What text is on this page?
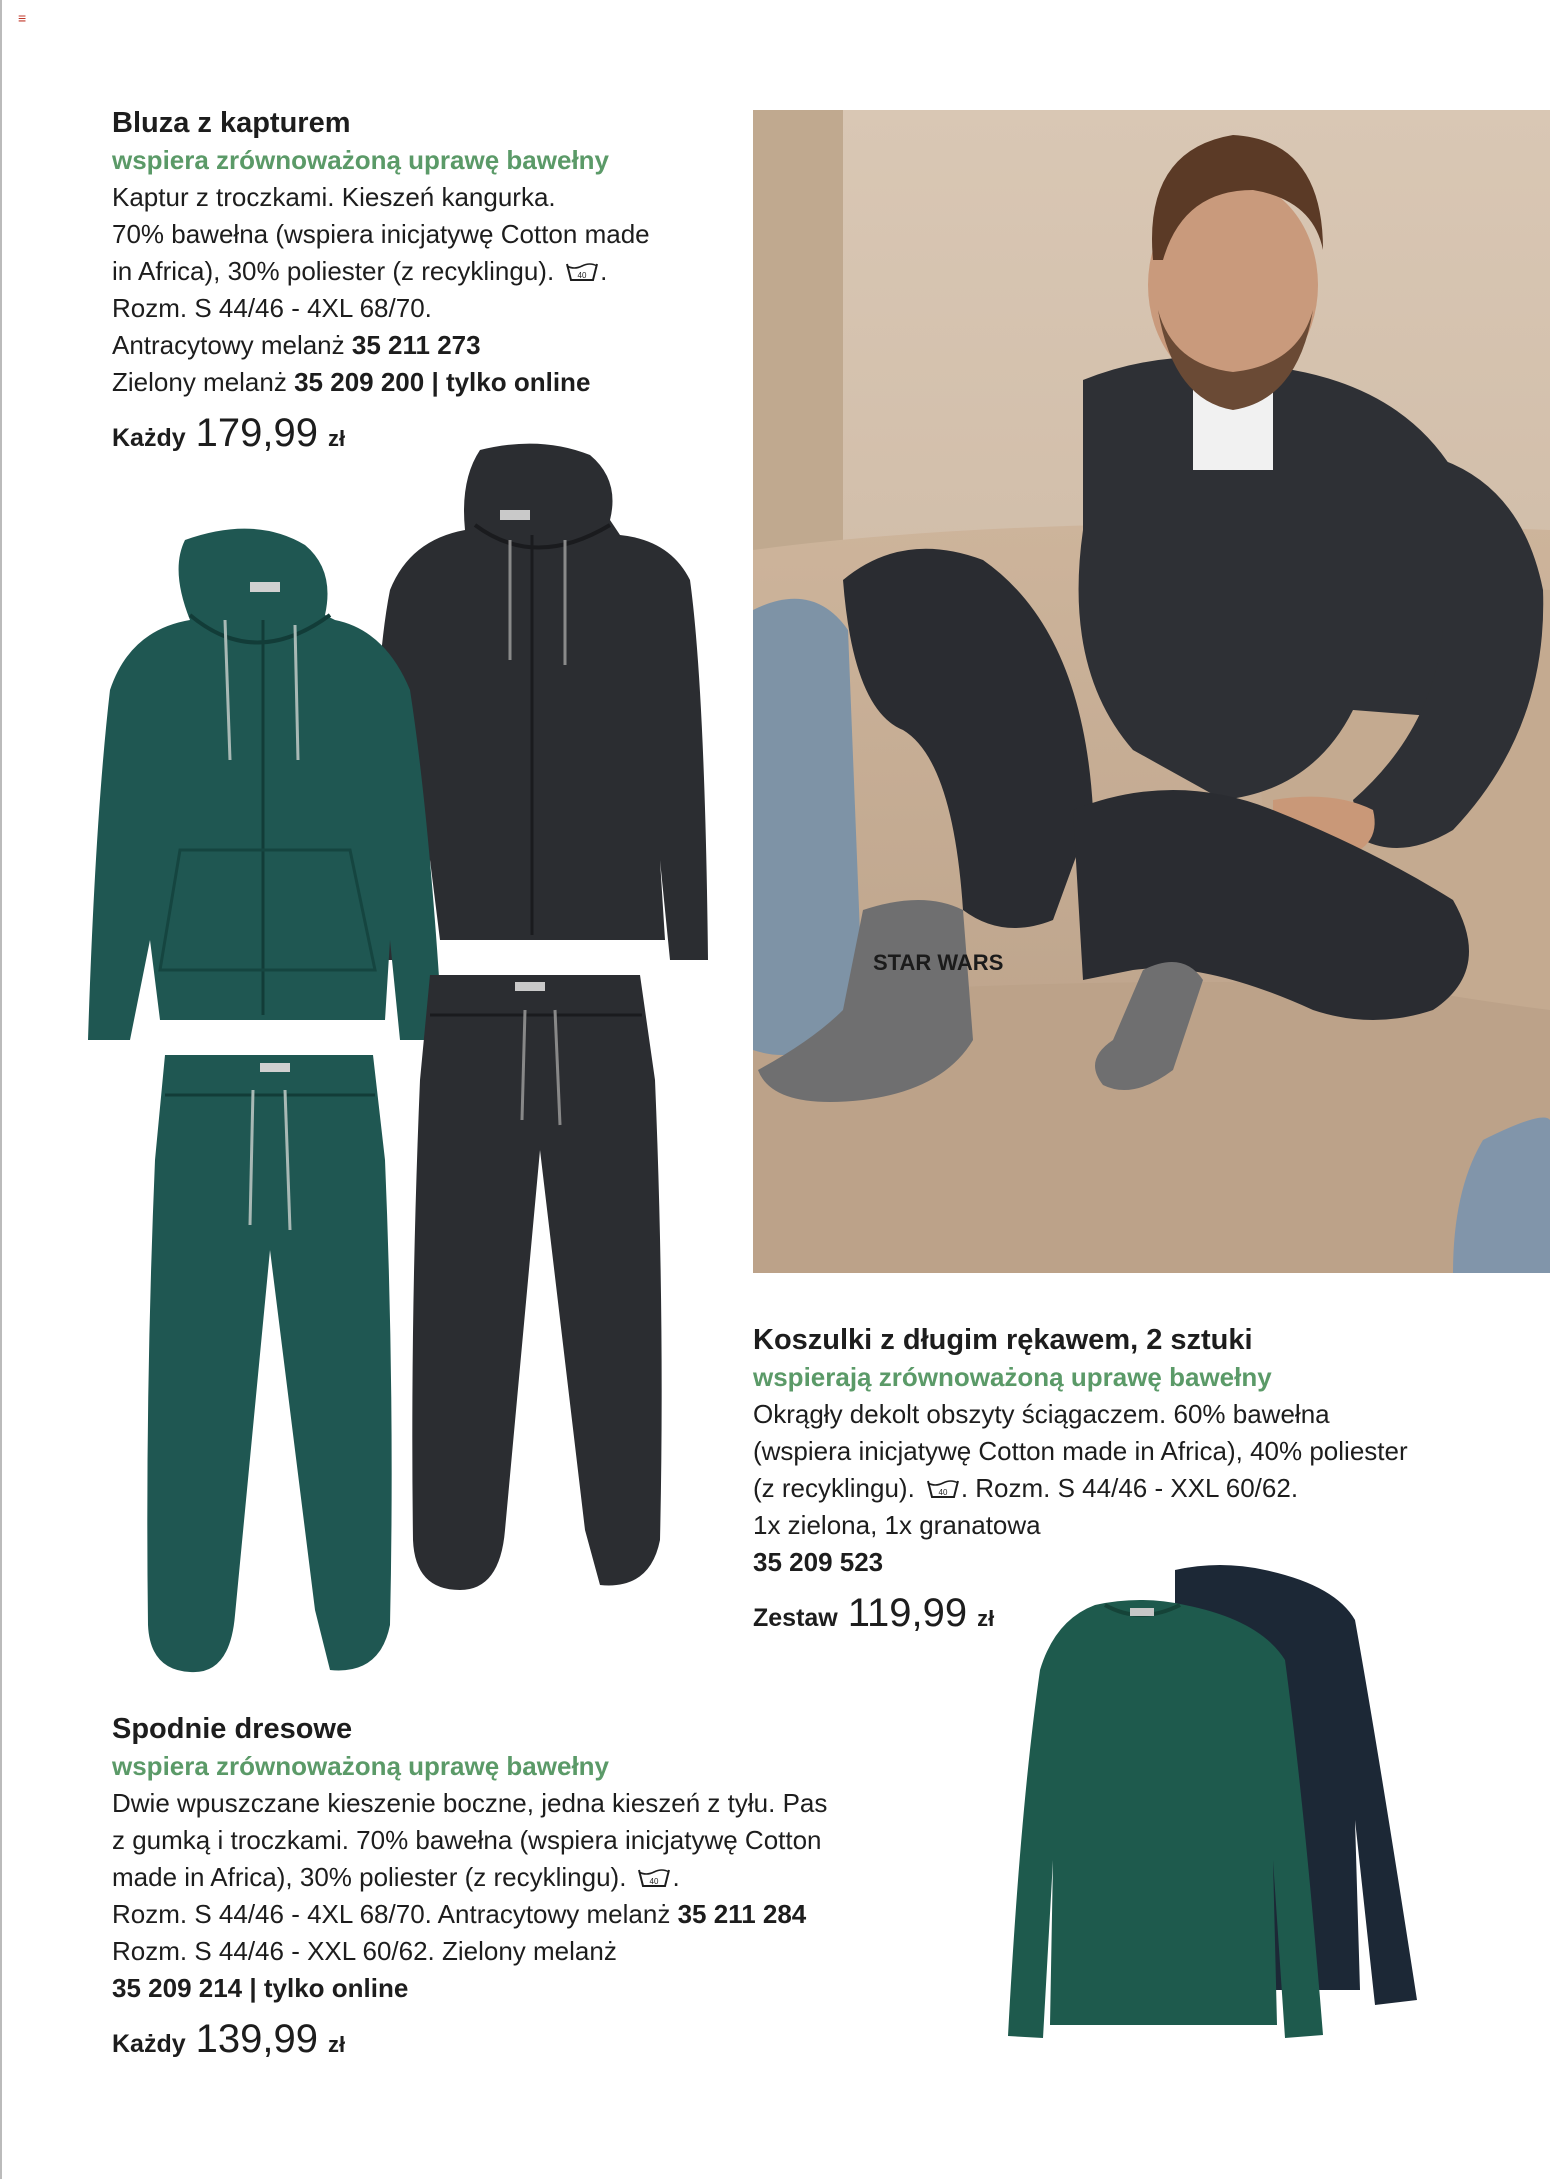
≡

Bluza z kapturem

wspiera zrównoważoną uprawę bawełny

Kaptur z troczkami. Kieszeń kangurka.

70% bawełna (wspiera inicjatywę Cotton made

in Africa), 30% poliester (z recyklingu).	40 .

Rozm. S 44/46 - 4XL 68/70.

Antracytowy melanż 35 211 273

Zielony melanż 35 209 200 | tylko online

Każdy 179,99 zł

STAR WARS

Koszulki z długim rękawem, 2 sztuki

wspierają zrównoważoną uprawę bawełny

Okrągły dekolt obszyty ściągaczem. 60% bawełna

(wspiera inicjatywę Cotton made in Africa), 40% poliester

(z recyklingu).	40 . Rozm. S 44/46 - XXL 60/62.

1x zielona, 1x granatowa

35 209 523

Zestaw 119,99 zł

Spodnie dresowe

wspiera zrównoważoną uprawę bawełny

Dwie wpuszczane kieszenie boczne, jedna kieszeń z tyłu. Pas

z gumką i troczkami. 70% bawełna (wspiera inicjatywę Cotton

made in Africa), 30% poliester (z recyklingu).	40 .

Rozm. S 44/46 - 4XL 68/70. Antracytowy melanż 35 211 284

Rozm. S 44/46 - XXL 60/62. Zielony melanż

35 209 214 | tylko online

Każdy 139,99 zł
